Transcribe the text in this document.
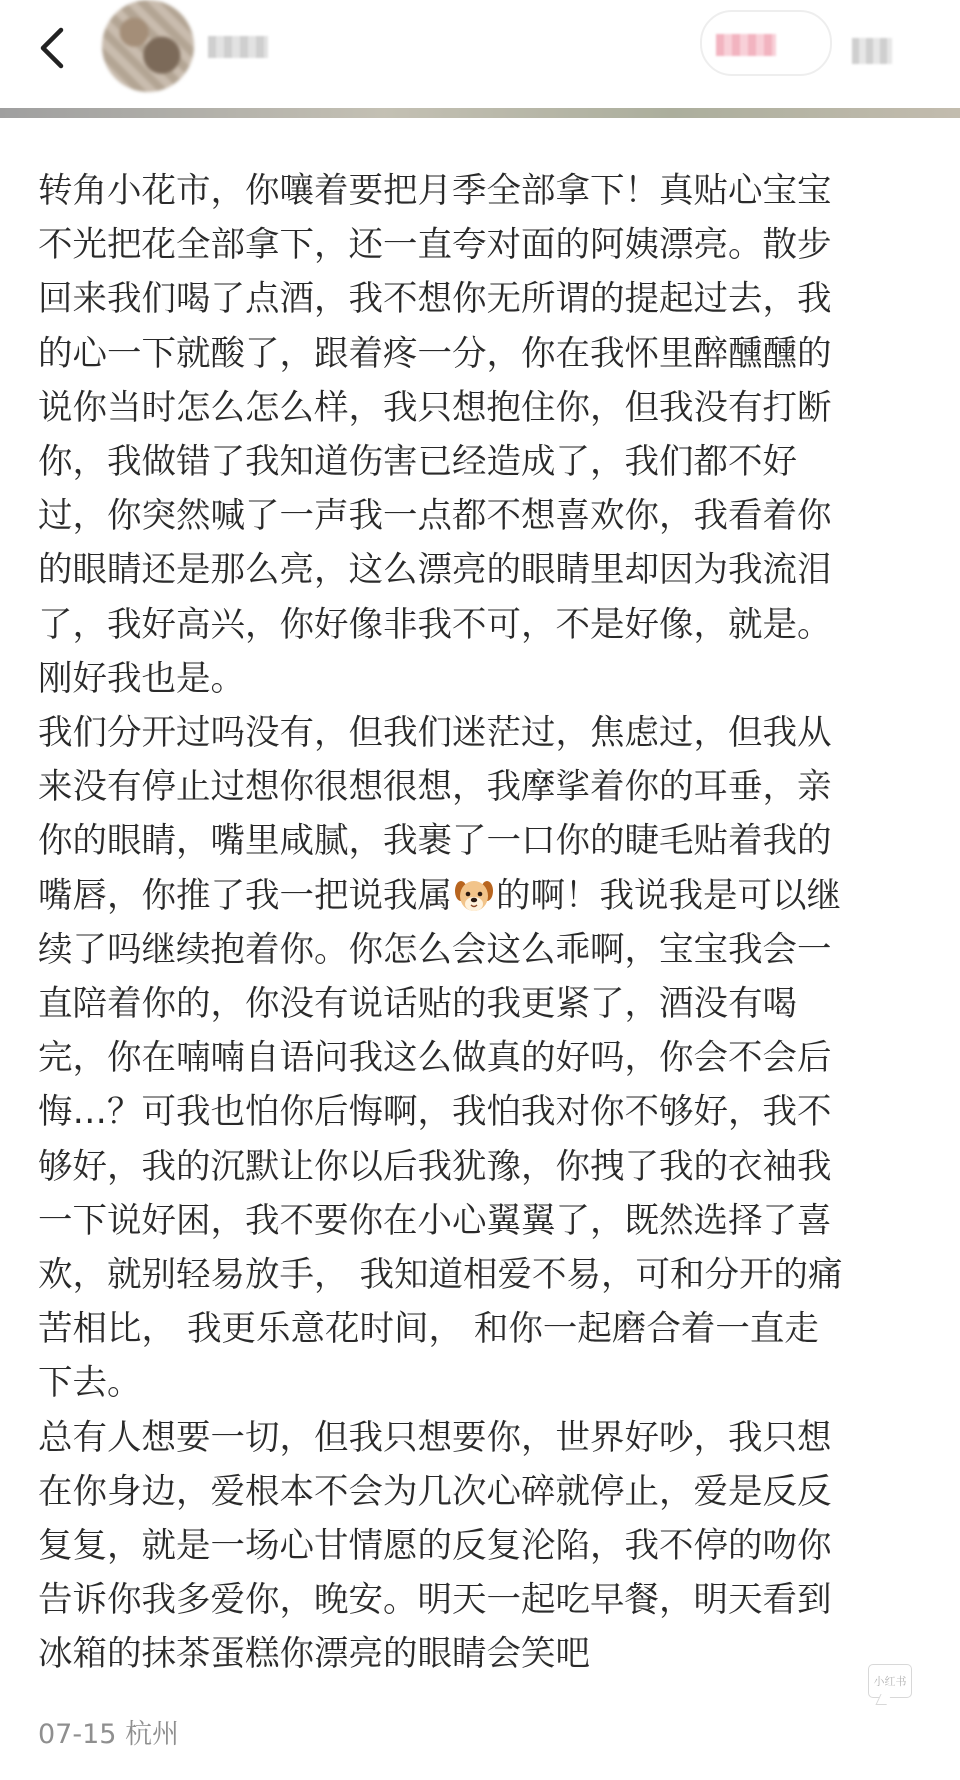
转角小花市，你嚷着要把月季全部拿下！真贴心宝宝
不光把花全部拿下，还一直夸对面的阿姨漂亮。散步
回来我们喝了点酒，我不想你无所谓的提起过去，我
的心一下就酸了，跟着疼一分，你在我怀里醉醺醺的
说你当时怎么怎么样，我只想抱住你，但我没有打断
你，我做错了我知道伤害已经造成了，我们都不好
过，你突然喊了一声我一点都不想喜欢你，我看着你
的眼睛还是那么亮，这么漂亮的眼睛里却因为我流泪
了，我好高兴，你好像非我不可，不是好像，就是。
刚好我也是。

我们分开过吗没有，但我们迷茫过，焦虑过，但我从
来没有停止过想你很想很想，我摩挲着你的耳垂，亲
你的眼睛，嘴里咸腻，我裹了一口你的睫毛贴着我的
嘴唇，你推了我一把说我属 的啊！我说我是可以继
续了吗继续抱着你。你怎么会这么乖啊，宝宝我会一
直陪着你的，你没有说话贴的我更紧了，酒没有喝
完，你在喃喃自语问我这么做真的好吗，你会不会后
悔…？可我也怕你后悔啊，我怕我对你不够好，我不
够好，我的沉默让你以后我犹豫，你拽了我的衣袖我
一下说好困，我不要你在小心翼翼了，既然选择了喜
欢，就别轻易放手， 我知道相爱不易，可和分开的痛
苦相比， 我更乐意花时间， 和你一起磨合着一直走
下去。

总有人想要一切，但我只想要你，世界好吵，我只想
在你身边，爱根本不会为几次心碎就停止，爱是反反
复复，就是一场心甘情愿的反复沦陷，我不停的吻你
告诉你我多爱你，晚安。明天一起吃早餐，明天看到
冰箱的抹茶蛋糕你漂亮的眼睛会笑吧

小红书
07-15 杭州
